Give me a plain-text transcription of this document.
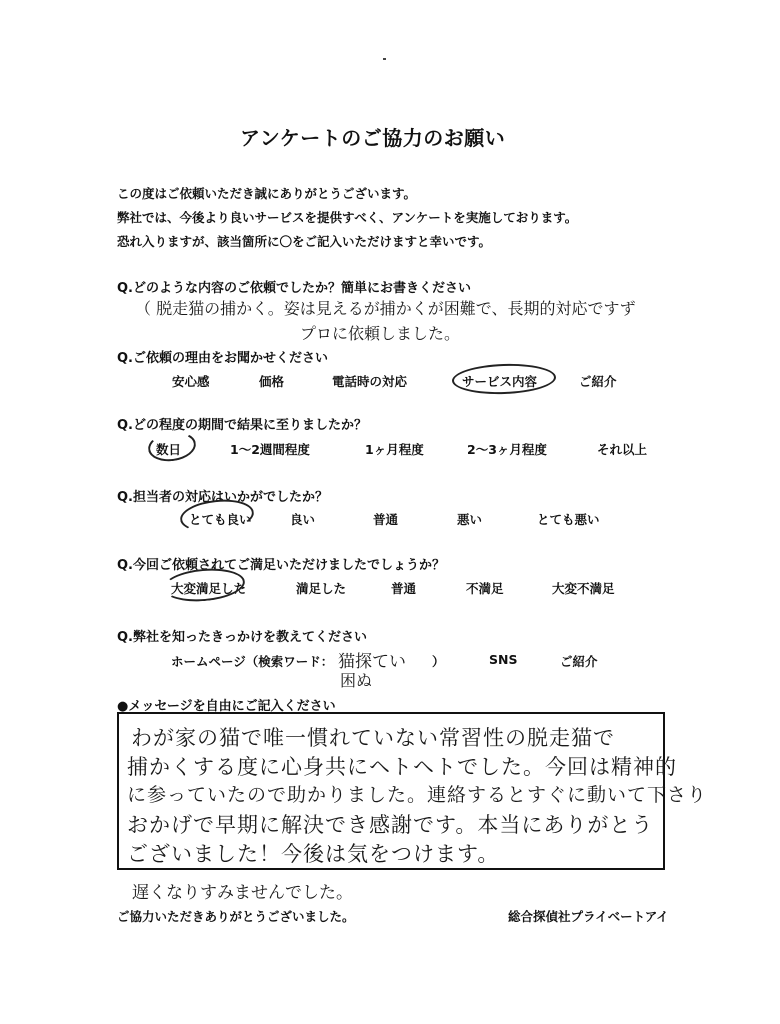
アンケートのご協力のお願い
この度はご依頼いただき誠にありがとうございます。
弊社では、今後より良いサービスを提供すべく、アンケートを実施しております。
恐れ入りますが、該当箇所に〇をご記入いただけますと幸いです。
Q.どのような内容のご依頼でしたか？簡単にお書きください
（ 脱走猫の捕かく。姿は見えるが捕かくが困難で、長期的対応ですず
プロに依頼しました。
Q.ご依頼の理由をお聞かせください
安心感	価格	電話時の対応	サービス内容	ご紹介
Q.どの程度の期間で結果に至りましたか？
数日	1～2週間程度	1ヶ月程度	2～3ヶ月程度	それ以上
Q.担当者の対応はいかがでしたか？
とても良い	良い	普通	悪い	とても悪い
Q.今回ご依頼されてご満足いただけましたでしょうか？
大変満足した	満足した	普通	不満足	大変不満足
Q.弊社を知ったきっかけを教えてください
ホームページ（検索ワード： 猫探てい
困ぬ
）	SNS	ご紹介
●メッセージを自由にご記入ください
わが家の猫で唯一慣れていない常習性の脱走猫で
捕かくする度に心身共にヘトヘトでした。今回は精神的
に参っていたので助かりました。連絡するとすぐに動いて下さり
おかげで早期に解決でき感謝です。本当にありがとう
ございました！今後は気をつけます。
遅くなりすみませんでした。
ご協力いただきありがとうございました。	総合探偵社プライベートアイ
